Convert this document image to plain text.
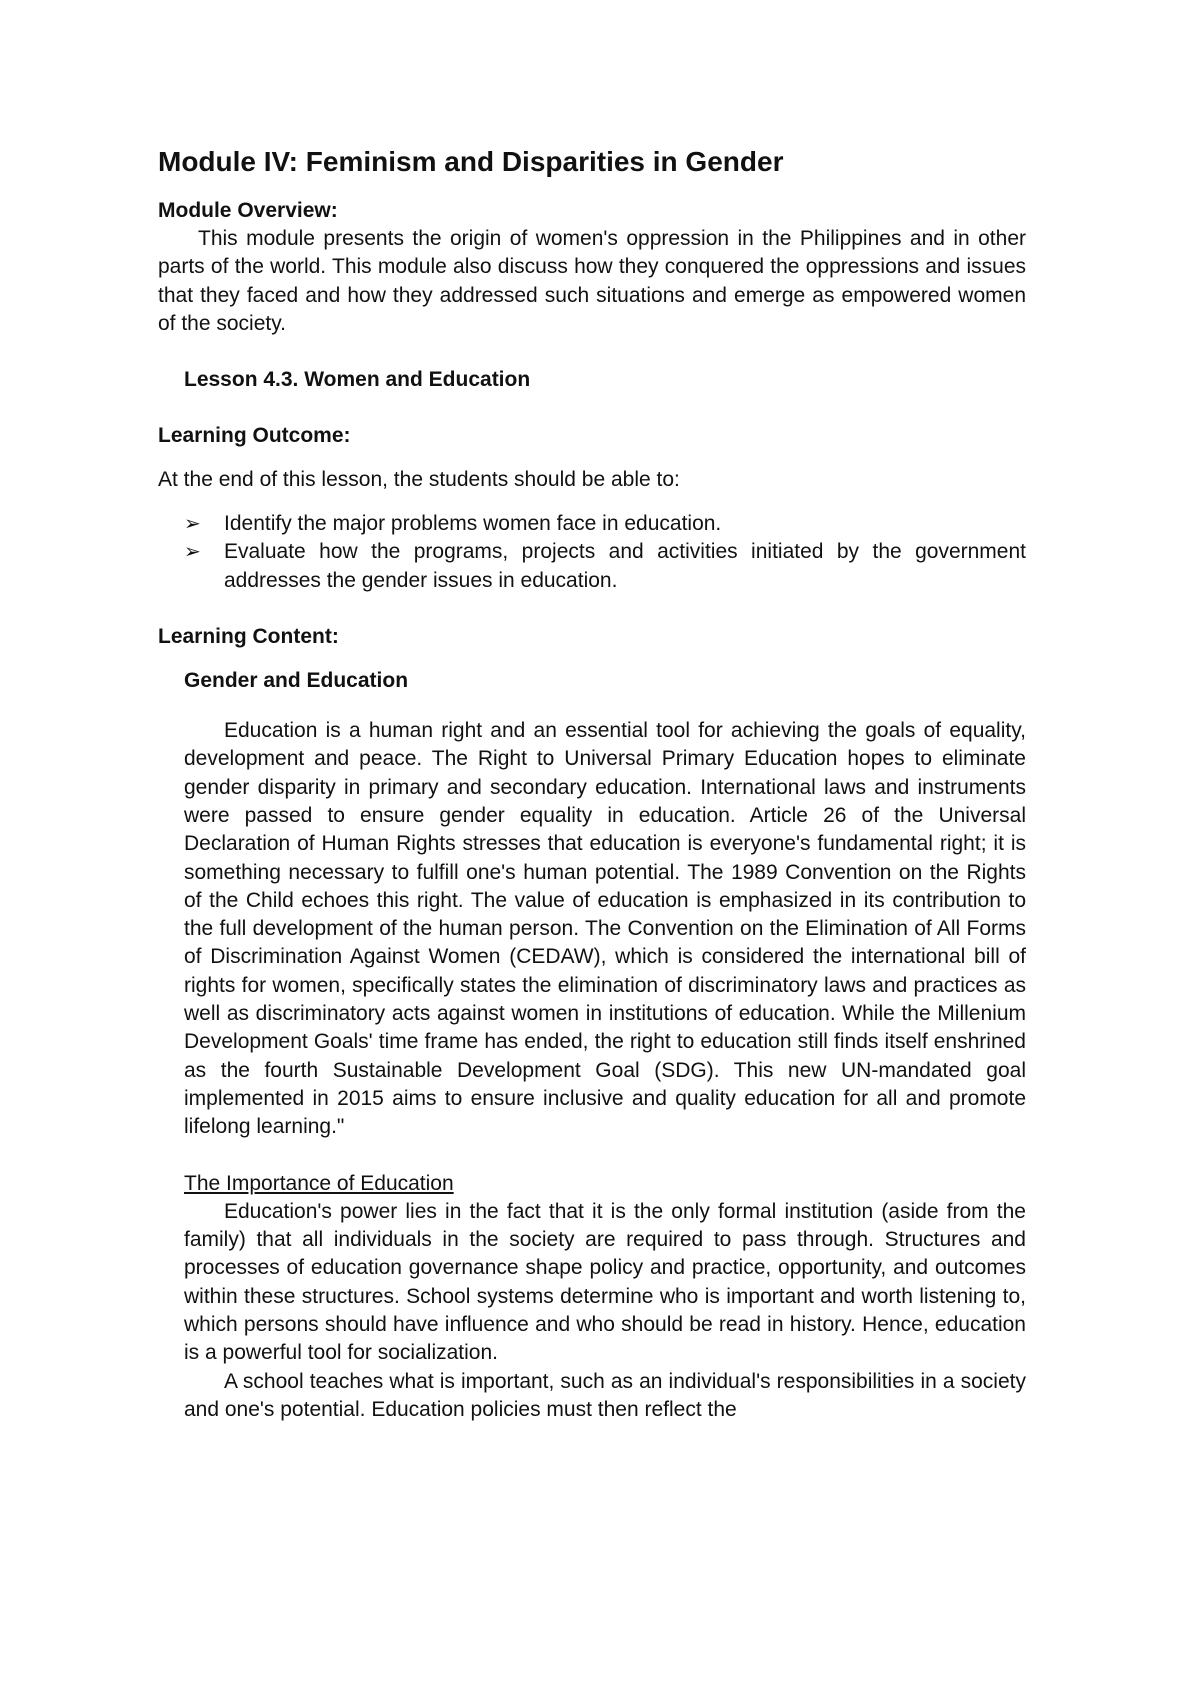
Module IV: Feminism and Disparities in Gender

Module Overview:

This module presents the origin of women's oppression in the Philippines and in other parts of the world. This module also discuss how they conquered the oppressions and issues that they faced and how they addressed such situations and emerge as empowered women of the society.

Lesson 4.3. Women and Education

Learning Outcome:

At the end of this lesson, the students should be able to:

➢	Identify the major problems women face in education.
➢	Evaluate how the programs, projects and activities initiated by the government addresses the gender issues in education.

Learning Content:

Gender and Education

Education is a human right and an essential tool for achieving the goals of equality, development and peace. The Right to Universal Primary Education hopes to eliminate gender disparity in primary and secondary education. International laws and instruments were passed to ensure gender equality in education. Article 26 of the Universal Declaration of Human Rights stresses that education is everyone's fundamental right; it is something necessary to fulfill one's human potential. The 1989 Convention on the Rights of the Child echoes this right. The value of education is emphasized in its contribution to the full development of the human person. The Convention on the Elimination of All Forms of Discrimination Against Women (CEDAW), which is considered the international bill of rights for women, specifically states the elimination of discriminatory laws and practices as well as discriminatory acts against women in institutions of education. While the Millenium Development Goals' time frame has ended, the right to education still finds itself enshrined as the fourth Sustainable Development Goal (SDG). This new UN-mandated goal implemented in 2015 aims to ensure inclusive and quality education for all and promote lifelong learning."

The Importance of Education

Education's power lies in the fact that it is the only formal institution (aside from the family) that all individuals in the society are required to pass through. Structures and processes of education governance shape policy and practice, opportunity, and outcomes within these structures. School systems determine who is important and worth listening to, which persons should have influence and who should be read in history. Hence, education is a powerful tool for socialization.

A school teaches what is important, such as an individual's responsibilities in a society and one's potential. Education policies must then reflect the
